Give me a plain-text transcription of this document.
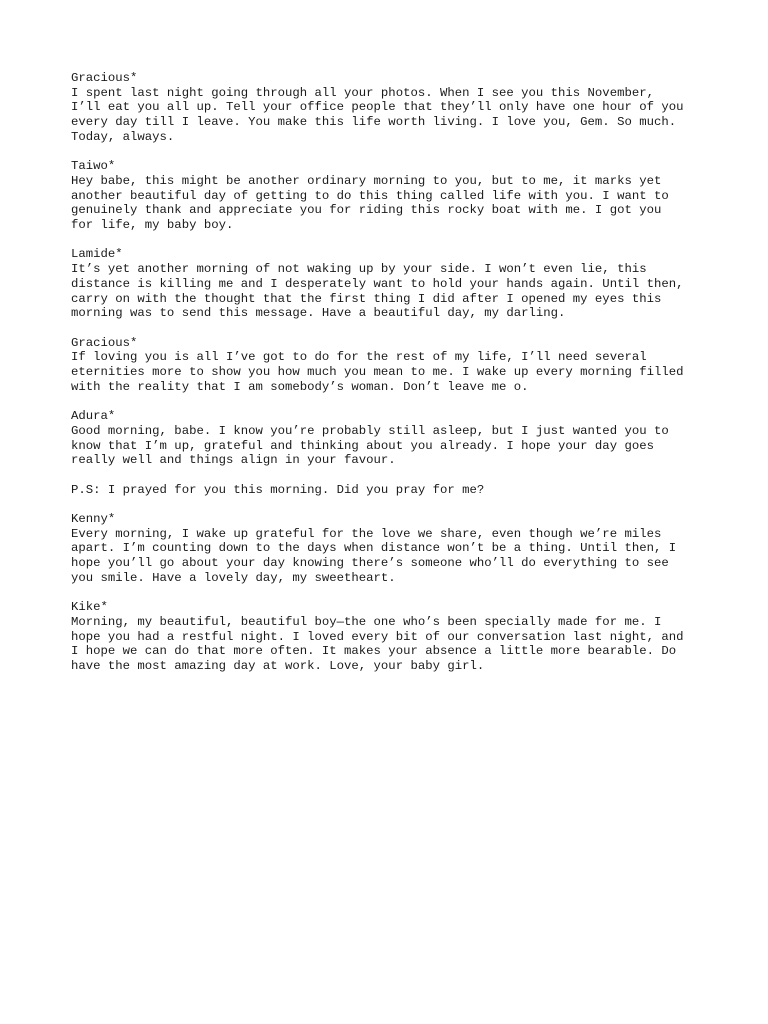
Gracious*
I spent last night going through all your photos. When I see you this November,
I’ll eat you all up. Tell your office people that they’ll only have one hour of you
every day till I leave. You make this life worth living. I love you, Gem. So much.
Today, always.
Taiwo*
Hey babe, this might be another ordinary morning to you, but to me, it marks yet
another beautiful day of getting to do this thing called life with you. I want to
genuinely thank and appreciate you for riding this rocky boat with me. I got you
for life, my baby boy.
Lamide*
It’s yet another morning of not waking up by your side. I won’t even lie, this
distance is killing me and I desperately want to hold your hands again. Until then,
carry on with the thought that the first thing I did after I opened my eyes this
morning was to send this message. Have a beautiful day, my darling.
Gracious*
If loving you is all I’ve got to do for the rest of my life, I’ll need several
eternities more to show you how much you mean to me. I wake up every morning filled
with the reality that I am somebody’s woman. Don’t leave me o.
Adura*
Good morning, babe. I know you’re probably still asleep, but I just wanted you to
know that I’m up, grateful and thinking about you already. I hope your day goes
really well and things align in your favour.
P.S: I prayed for you this morning. Did you pray for me?
Kenny*
Every morning, I wake up grateful for the love we share, even though we’re miles
apart. I’m counting down to the days when distance won’t be a thing. Until then, I
hope you’ll go about your day knowing there’s someone who’ll do everything to see
you smile. Have a lovely day, my sweetheart.
Kike*
Morning, my beautiful, beautiful boy—the one who’s been specially made for me. I
hope you had a restful night. I loved every bit of our conversation last night, and
I hope we can do that more often. It makes your absence a little more bearable. Do
have the most amazing day at work. Love, your baby girl.
